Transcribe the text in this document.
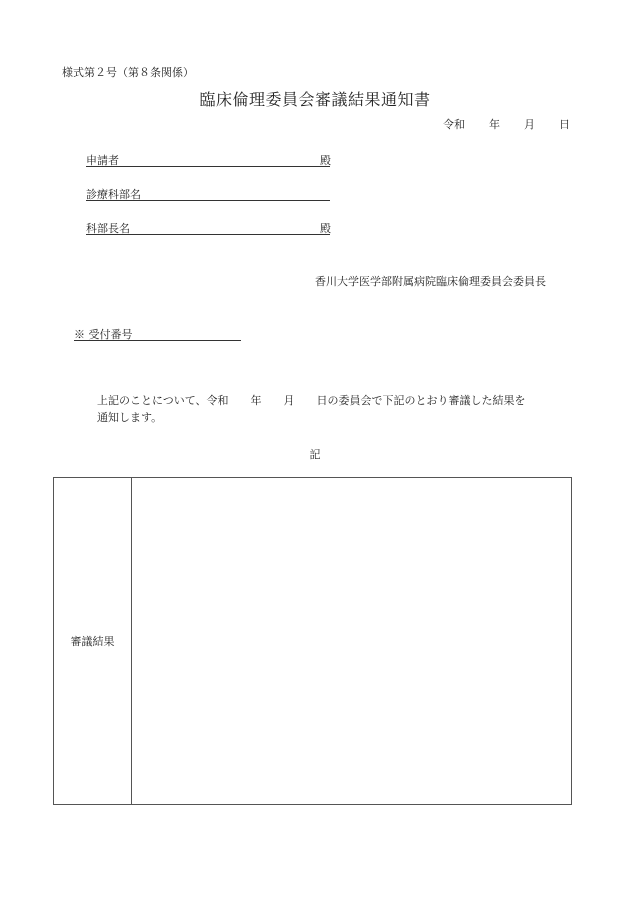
様式第２号（第８条関係）
臨床倫理委員会審議結果通知書
令和 年 月 日
申請者	殿
診療科部名
科部長名	殿
香川大学医学部附属病院臨床倫理委員会委員長
※ 受付番号
上記のことについて、令和　　年　　月　　日の委員会で下記のとおり審議した結果を
通知します。
記
審議結果
